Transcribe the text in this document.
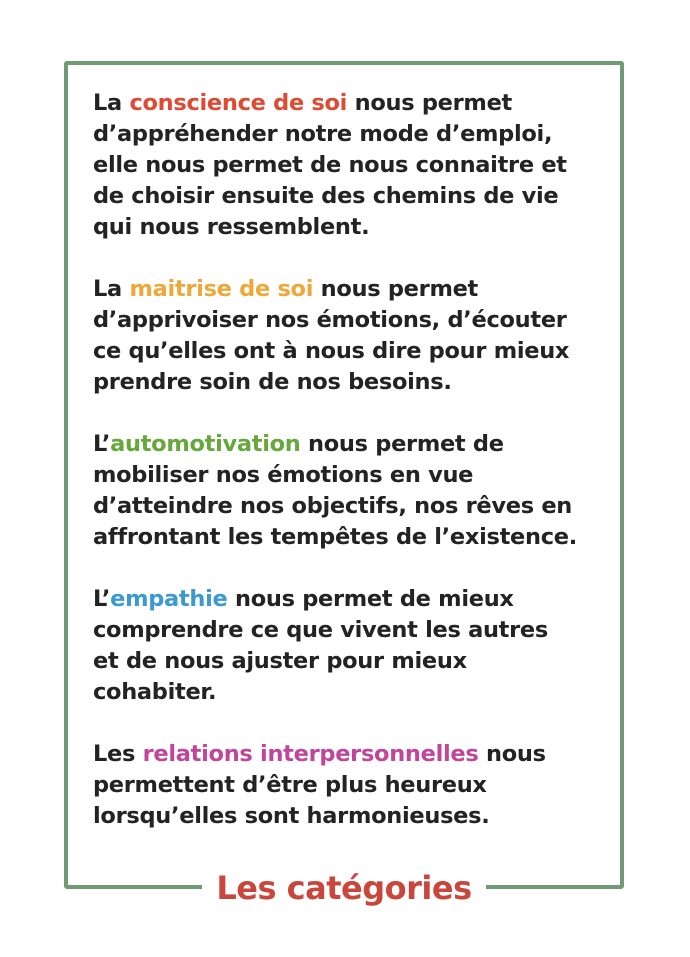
La conscience de soi nous permet
d’appréhender notre mode d’emploi,
elle nous permet de nous connaitre et
de choisir ensuite des chemins de vie
qui nous ressemblent.

La maitrise de soi nous permet
d’apprivoiser nos émotions, d’écouter
ce qu’elles ont à nous dire pour mieux
prendre soin de nos besoins.

L’automotivation nous permet de
mobiliser nos émotions en vue
d’atteindre nos objectifs, nos rêves en
affrontant les tempêtes de l’existence.

L’empathie nous permet de mieux
comprendre ce que vivent les autres
et de nous ajuster pour mieux
cohabiter.

Les relations interpersonnelles nous
permettent d’être plus heureux
lorsqu’elles sont harmonieuses.

Les catégories
